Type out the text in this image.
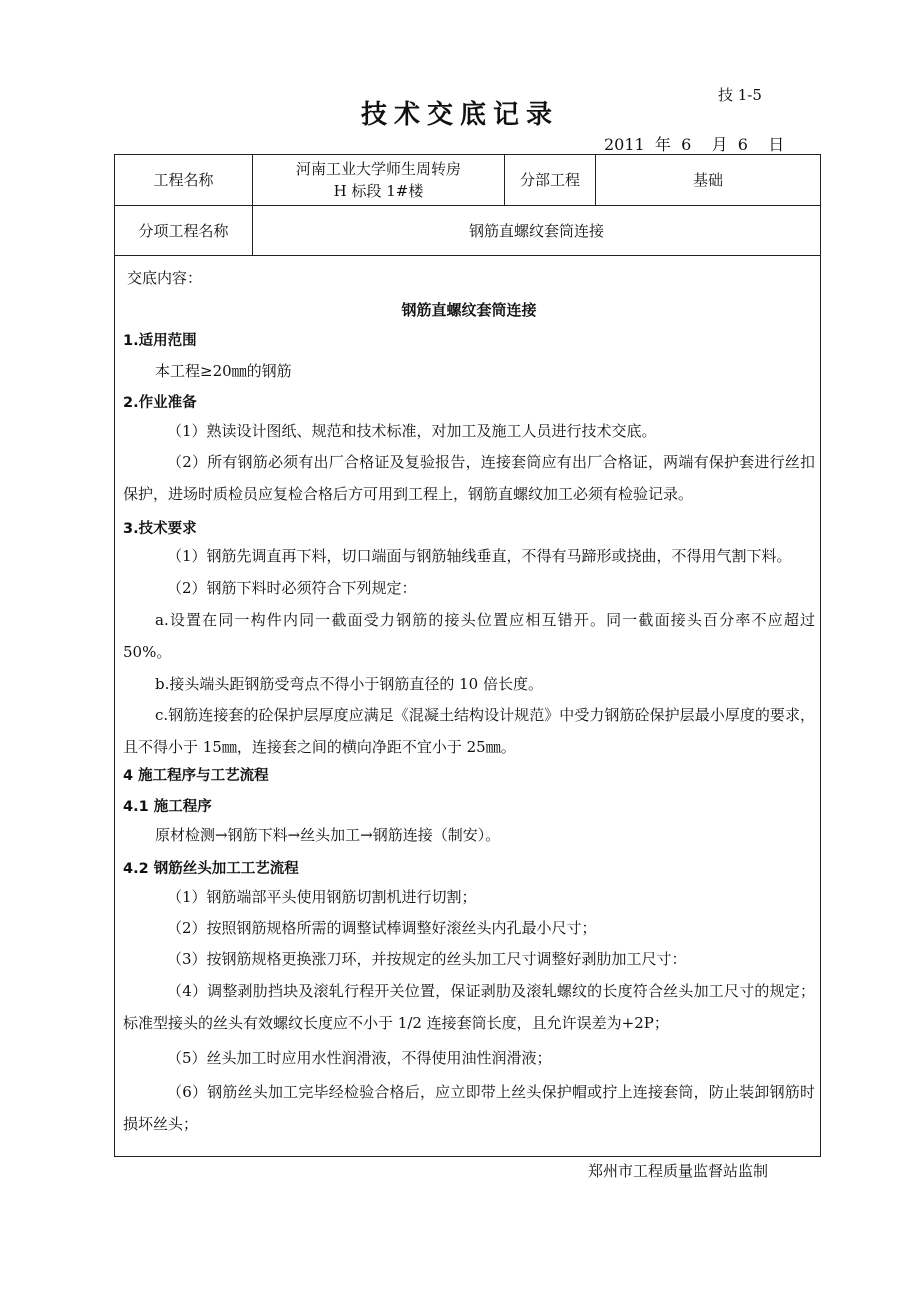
技 1-5
技术交底记录
2011  年  6    月  6    日
工程名称
河南工业大学师生周转房
H 标段 1#楼
分部工程	基础
分项工程名称	钢筋直螺纹套筒连接
交底内容：
钢筋直螺纹套筒连接
1.适用范围
本工程≥20㎜的钢筋
2.作业准备
（1）熟读设计图纸、规范和技术标准，对加工及施工人员进行技术交底。
（2）所有钢筋必须有出厂合格证及复验报告，连接套筒应有出厂合格证，两端有保护套进行丝扣保护，进场时质检员应复检合格后方可用到工程上，钢筋直螺纹加工必须有检验记录。
3.技术要求
（1）钢筋先调直再下料，切口端面与钢筋轴线垂直，不得有马蹄形或挠曲，不得用气割下料。
（2）钢筋下料时必须符合下列规定：
a.设置在同一构件内同一截面受力钢筋的接头位置应相互错开。同一截面接头百分率不应超过 50%。
b.接头端头距钢筋受弯点不得小于钢筋直径的 10 倍长度。
c.钢筋连接套的砼保护层厚度应满足《混凝土结构设计规范》中受力钢筋砼保护层最小厚度的要求，且不得小于 15㎜，连接套之间的横向净距不宜小于 25㎜。
4 施工程序与工艺流程
4.1 施工程序
原材检测→钢筋下料→丝头加工→钢筋连接（制安）。
4.2 钢筋丝头加工工艺流程
（1）钢筋端部平头使用钢筋切割机进行切割；
（2）按照钢筋规格所需的调整试棒调整好滚丝头内孔最小尺寸；
（3）按钢筋规格更换涨刀环，并按规定的丝头加工尺寸调整好剥肋加工尺寸：
（4）调整剥肋挡块及滚轧行程开关位置，保证剥肋及滚轧螺纹的长度符合丝头加工尺寸的规定；标准型接头的丝头有效螺纹长度应不小于 1/2 连接套筒长度，且允许误差为+2P；
（5）丝头加工时应用水性润滑液，不得使用油性润滑液；
（6）钢筋丝头加工完毕经检验合格后，应立即带上丝头保护帽或拧上连接套筒，防止装卸钢筋时损坏丝头；
郑州市工程质量监督站监制
